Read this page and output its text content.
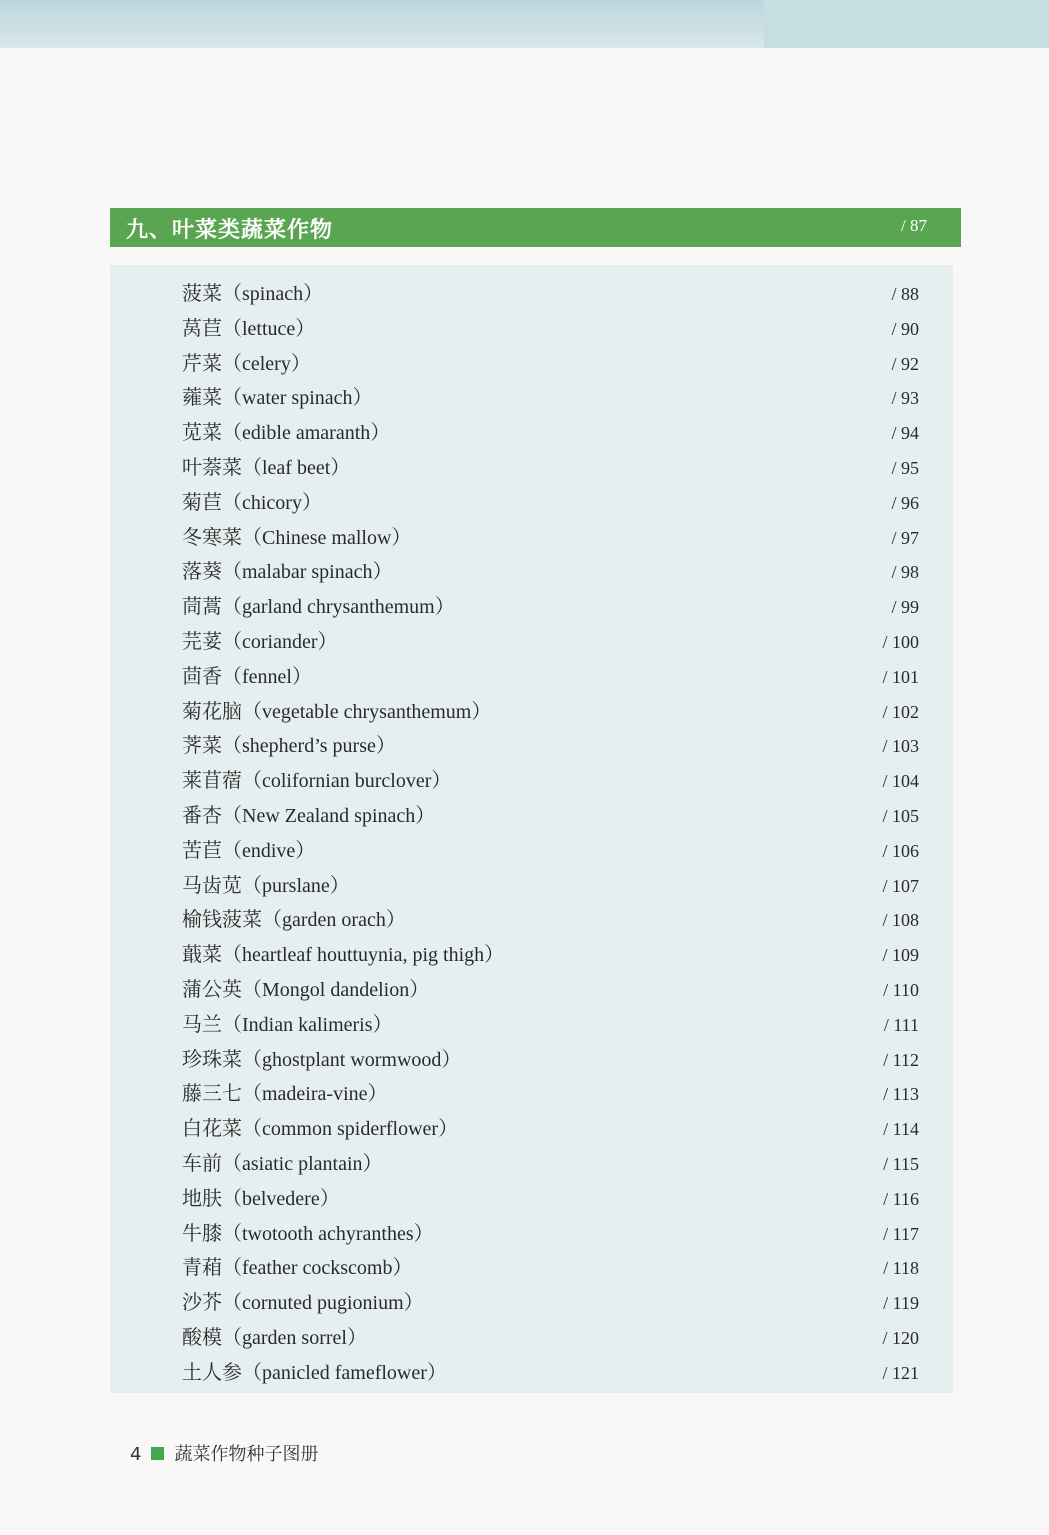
九、叶菜类蔬菜作物	/ 87
菠菜（spinach）	/ 88
莴苣（lettuce）	/ 90
芹菜（celery）	/ 92
蕹菜（water spinach）	/ 93
苋菜（edible amaranth）	/ 94
叶萘菜（leaf beet）	/ 95
菊苣（chicory）	/ 96
冬寒菜（Chinese mallow）	/ 97
落葵（malabar spinach）	/ 98
茼蒿（garland chrysanthemum）	/ 99
芫荽（coriander）	/ 100
茴香（fennel）	/ 101
菊花脑（vegetable chrysanthemum）	/ 102
荠菜（shepherd’s purse）	/ 103
莱苜蓿（colifornian burclover）	/ 104
番杏（New Zealand spinach）	/ 105
苦苣（endive）	/ 106
马齿苋（purslane）	/ 107
榆钱菠菜（garden orach）	/ 108
蕺菜（heartleaf houttuynia, pig thigh）	/ 109
蒲公英（Mongol dandelion）	/ 110
马兰（Indian kalimeris）	/ 111
珍珠菜（ghostplant wormwood）	/ 112
藤三七（madeira-vine）	/ 113
白花菜（common spiderflower）	/ 114
车前（asiatic plantain）	/ 115
地肤（belvedere）	/ 116
牛膝（twotooth achyranthes）	/ 117
青葙（feather cockscomb）	/ 118
沙芥（cornuted pugionium）	/ 119
酸模（garden sorrel）	/ 120
土人参（panicled fameflower）	/ 121
4 蔬菜作物种子图册
